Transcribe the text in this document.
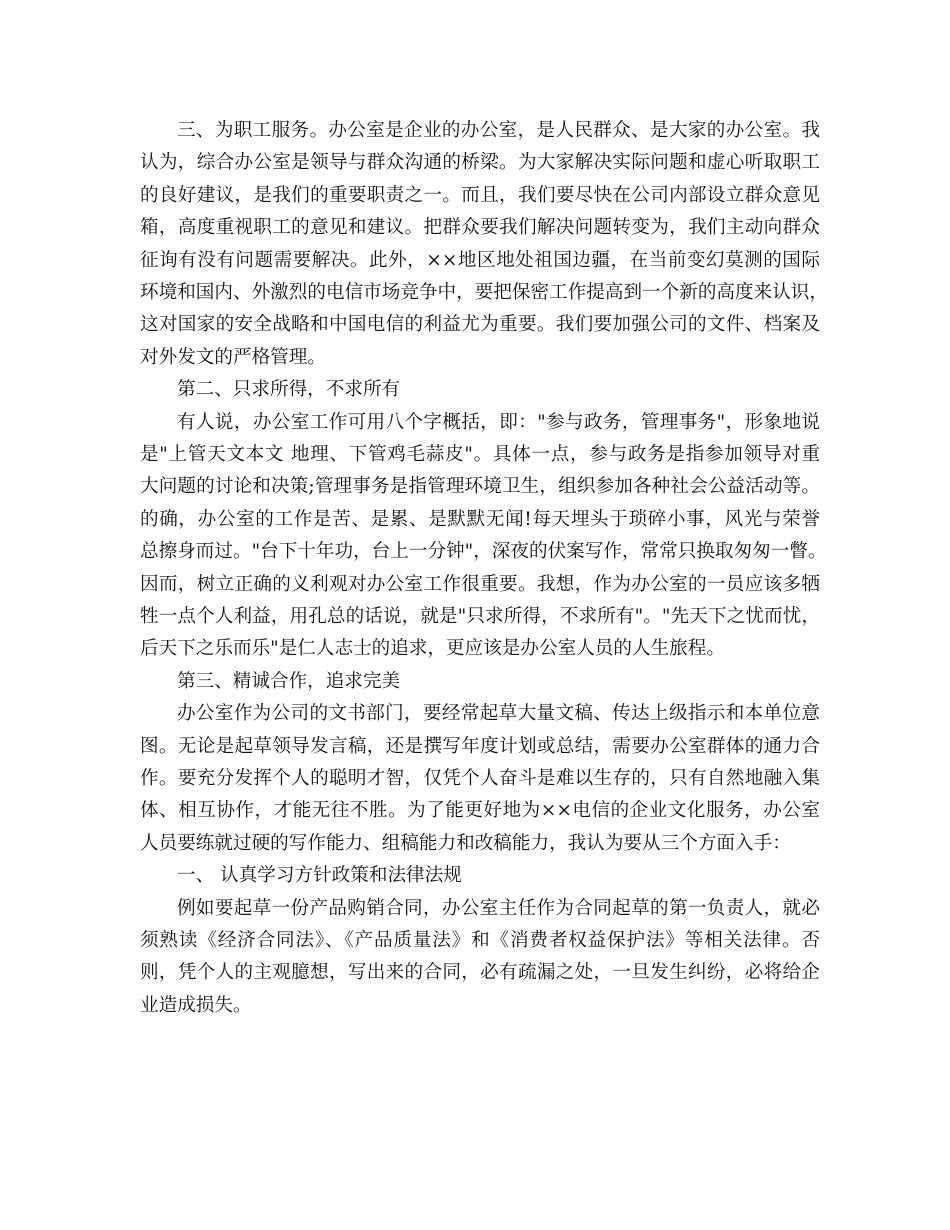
三、为职工服务。办公室是企业的办公室，是人民群众、是大家的办公室。我

认为，综合办公室是领导与群众沟通的桥梁。为大家解决实际问题和虚心听取职工

的良好建议，是我们的重要职责之一。而且，我们要尽快在公司内部设立群众意见

箱，高度重视职工的意见和建议。把群众要我们解决问题转变为，我们主动向群众

征询有没有问题需要解决。此外，××地区地处祖国边疆，在当前变幻莫测的国际

环境和国内、外激烈的电信市场竞争中，要把保密工作提高到一个新的高度来认识，

这对国家的安全战略和中国电信的利益尤为重要。我们要加强公司的文件、档案及

对外发文的严格管理。

第二、只求所得，不求所有

有人说，办公室工作可用八个字概括，即："参与政务，管理事务"，形象地说

是"上管天文本文 地理、下管鸡毛蒜皮"。具体一点，参与政务是指参加领导对重

大问题的讨论和决策;管理事务是指管理环境卫生，组织参加各种社会公益活动等。

的确，办公室的工作是苦、是累、是默默无闻!每天埋头于琐碎小事，风光与荣誉

总擦身而过。"台下十年功，台上一分钟"，深夜的伏案写作，常常只换取匆匆一瞥。

因而，树立正确的义利观对办公室工作很重要。我想，作为办公室的一员应该多牺

牲一点个人利益，用孔总的话说，就是"只求所得，不求所有"。"先天下之忧而忧，

后天下之乐而乐"是仁人志士的追求，更应该是办公室人员的人生旅程。

第三、精诚合作，追求完美

办公室作为公司的文书部门，要经常起草大量文稿、传达上级指示和本单位意

图。无论是起草领导发言稿，还是撰写年度计划或总结，需要办公室群体的通力合

作。要充分发挥个人的聪明才智，仅凭个人奋斗是难以生存的，只有自然地融入集

体、相互协作，才能无往不胜。为了能更好地为××电信的企业文化服务，办公室

人员要练就过硬的写作能力、组稿能力和改稿能力，我认为要从三个方面入手：

一、 认真学习方针政策和法律法规

例如要起草一份产品购销合同，办公室主任作为合同起草的第一负责人，就必

须熟读《经济合同法》、《产品质量法》和《消费者权益保护法》等相关法律。否

则，凭个人的主观臆想，写出来的合同，必有疏漏之处，一旦发生纠纷，必将给企

业造成损失。
